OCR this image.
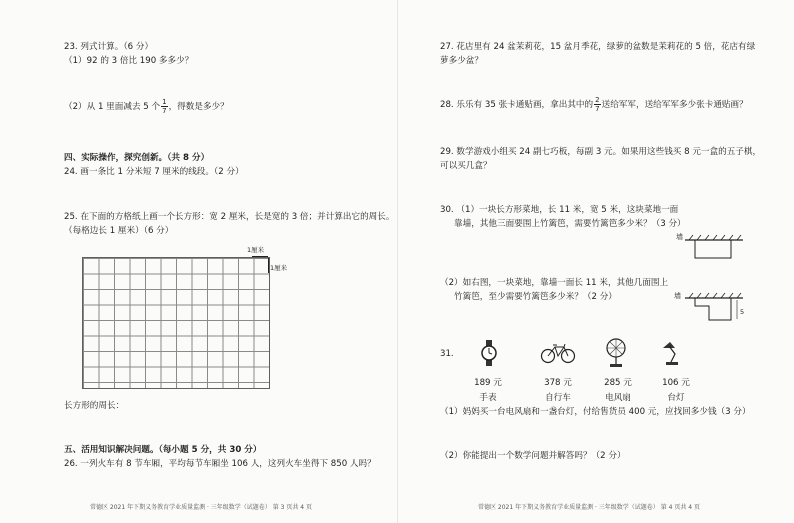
23. 列式计算。（6 分）
（1）92 的 3 倍比 190 多多少？
（2）从 1 里面减去 5 个 $\frac{1}{7}$ ，得数是多少？
四、实际操作，探究创新。（共 8 分）
24. 画一条比 1 分米短 7 厘米的线段。（2 分）
25. 在下面的方格纸上画一个长方形：宽 2 厘米，长是宽的 3 倍；并计算出它的周长。
（每格边长 1 厘米）（6 分）
1厘米
1厘米
长方形的周长：
五、活用知识解决问题。（每小题 5 分，共 30 分）
26. 一列火车有 8 节车厢，平均每节车厢坐 106 人，这列火车坐得下 850 人吗？
常德区 2021 年下期义务教育学业质量监测 · 三年级数学（试题卷） 第 3 页共 4 页
27. 花店里有 24 盆茉莉花，15 盆月季花，绿萝的盆数是茉莉花的 5 倍，花店有绿
萝多少盆？
28. 乐乐有 35 张卡通贴画，拿出其中的 $\frac{2}{7}$ 送给军军，送给军军多少张卡通贴画？
29. 数学游戏小组买 24 副七巧板，每副 3 元。如果用这些钱买 8 元一盒的五子棋，
可以买几盒？
30. （1）一块长方形菜地，长 11 米，宽 5 米，这块菜地一面
靠墙，其他三面要围上竹篱笆，需要竹篱笆多少米？（3 分）
墙
（2）如右图，一块菜地，靠墙一面长 11 米，其他几面围上
竹篱笆，至少需要竹篱笆多少米？（2 分）	墙
5
31.
189 元
手表
378 元
自行车
285 元
电风扇
106 元
台灯
（1）妈妈买一台电风扇和一盏台灯，付给售货员 400 元，应找回多少钱（3 分）
（2）你能提出一个数学问题并解答吗？（2 分）
常德区 2021 年下期义务教育学业质量监测 · 三年级数学（试题卷） 第 4 页共 4 页
